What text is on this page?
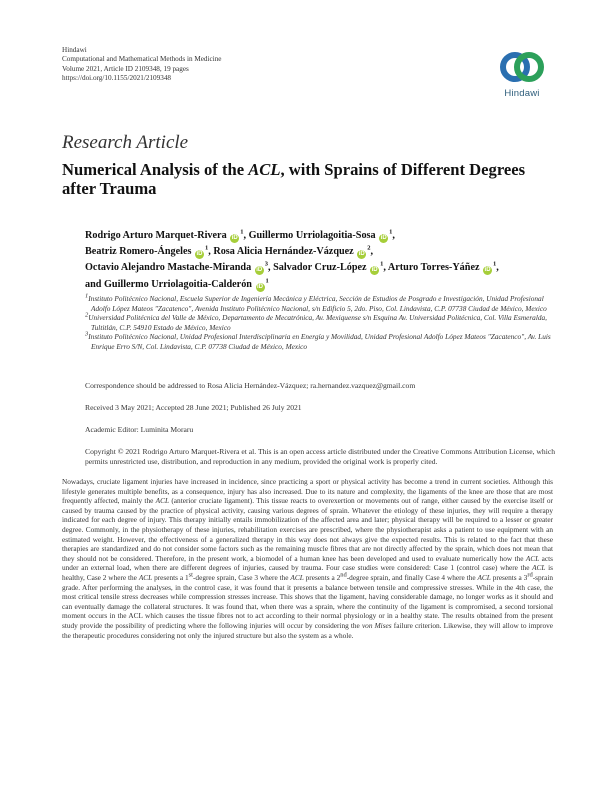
Hindawi
Computational and Mathematical Methods in Medicine
Volume 2021, Article ID 2109348, 19 pages
https://doi.org/10.1155/2021/2109348
Hindawi
Research Article
Numerical Analysis of the ACL, with Sprains of Different Degrees after Trauma
Rodrigo Arturo Marquet-Rivera $iD^1$, Guillermo Urriolagoitia-Sosa $iD^1$,
Beatriz Romero-Ángeles $iD^1$, Rosa Alicia Hernández-Vázquez $iD^2$,
Octavio Alejandro Mastache-Miranda $iD^3$, Salvador Cruz-López $iD^1$, Arturo Torres-Yáñez $iD^1$,
and Guillermo Urriolagoitia-Calderón $iD^1$
$^1$Instituto Politécnico Nacional, Escuela Superior de Ingeniería Mecánica y Eléctrica, Sección de Estudios de Posgrado e Investigación, Unidad Profesional Adolfo López Mateos "Zacatenco", Avenida Instituto Politécnico Nacional, s/n Edificio 5, 2do. Piso, Col. Lindavista, C.P. 07738 Ciudad de México, Mexico
$^2$Universidad Politécnica del Valle de México, Departamento de Mecatrónica, Av. Mexiquense s/n Esquina Av. Universidad Politécnica, Col. Villa Esmeralda, Tultitlán, C.P. 54910 Estado de México, Mexico
$^3$Instituto Politécnico Nacional, Unidad Profesional Interdisciplinaria en Energía y Movilidad, Unidad Profesional Adolfo López Mateos "Zacatenco", Av. Luis Enrique Erro S/N, Col. Lindavista, C.P. 07738 Ciudad de México, Mexico
Correspondence should be addressed to Rosa Alicia Hernández-Vázquez; ra.hernandez.vazquez@gmail.com
Received 3 May 2021; Accepted 28 June 2021; Published 26 July 2021
Academic Editor: Luminita Moraru
Copyright © 2021 Rodrigo Arturo Marquet-Rivera et al. This is an open access article distributed under the Creative Commons Attribution License, which permits unrestricted use, distribution, and reproduction in any medium, provided the original work is properly cited.

Nowadays, cruciate ligament injuries have increased in incidence, since practicing a sport or physical activity has become a trend in current societies. Although this lifestyle generates multiple benefits, as a consequence, injury has also increased. Due to its nature and complexity, the ligaments of the knee are those that are most frequently affected, mainly the ACL (anterior cruciate ligament). This tissue reacts to overexertion or movements out of range, either caused by the exercise itself or caused by trauma caused by the practice of physical activity, causing various degrees of sprain. Whatever the etiology of these injuries, they will require a therapy indicated for each degree of injury. This therapy initially entails immobilization of the affected area and later; physical therapy will be required to a lesser or greater degree. Commonly, in the physiotherapy of these injuries, rehabilitation exercises are prescribed, where the physiotherapist asks a patient to use equipment with an estimated weight. However, the effectiveness of a generalized therapy in this way does not always give the expected results. This is related to the fact that these therapies are standardized and do not consider some factors such as the remaining muscle fibres that are not directly affected by the sprain, which does not mean that they should not be considered. Therefore, in the present work, a biomodel of a human knee has been developed and used to evaluate numerically how the ACL acts under an external load, when there are different degrees of injuries, caused by trauma. Four case studies were considered: Case 1 (control case) where the ACL is healthy, Case 2 where the ACL presents a 1st-degree sprain, Case 3 where the ACL presents a 2nd-degree sprain, and finally Case 4 where the ACL presents a 3rd-sprain grade. After performing the analyses, in the control case, it was found that it presents a balance between tensile and compressive stresses. While in the 4th case, the most critical tensile stress decreases while compression stresses increase. This shows that the ligament, having considerable damage, no longer works as it should and can eventually damage the collateral structures. It was found that, when there was a sprain, where the continuity of the ligament is compromised, a second torsional moment occurs in the ACL which causes the tissue fibres not to act according to their normal physiology or in a healthy state. The results obtained from the present study provide the possibility of predicting where the following injuries will occur by considering the von Mises failure criterion. Likewise, they will allow to improve the therapeutic procedures considering not only the injured structure but also the system as a whole.
